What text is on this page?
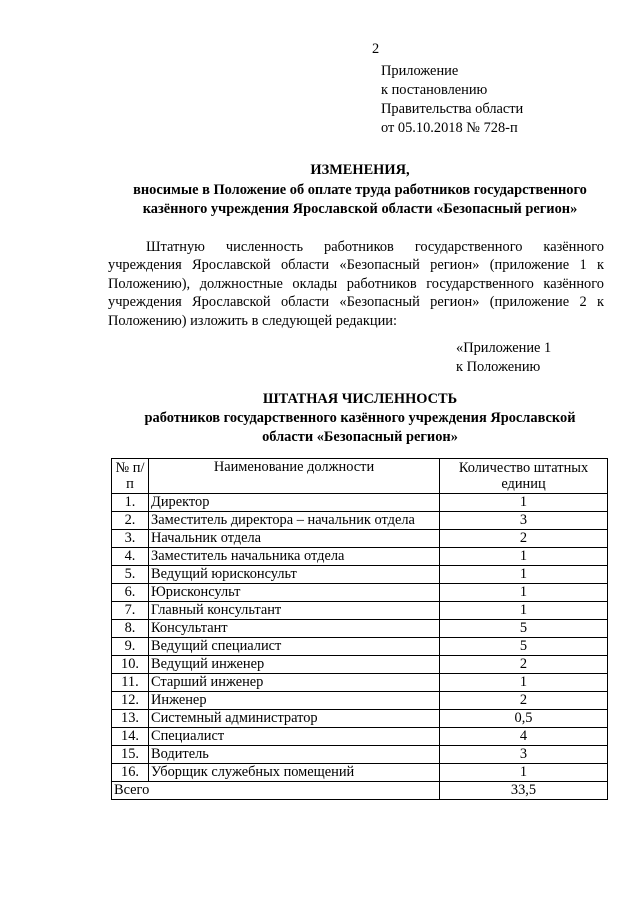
2
Приложение
к постановлению
Правительства области
от 05.10.2018 № 728-п
ИЗМЕНЕНИЯ,
вносимые в Положение об оплате труда работников государственного
казённого учреждения Ярославской области «Безопасный регион»
Штатную численность работников государственного казённого учреждения Ярославской области «Безопасный регион» (приложение 1 к Положению), должностные оклады работников государственного казённого учреждения Ярославской области «Безопасный регион» (приложение 2 к Положению) изложить в следующей редакции:
«Приложение 1
к Положению
ШТАТНАЯ ЧИСЛЕННОСТЬ
работников государственного казённого учреждения Ярославской
области «Безопасный регион»
№ п/п	Наименование должности	Количество штатных единиц
1.	Директор	1
2.	Заместитель директора – начальник отдела	3
3.	Начальник отдела	2
4.	Заместитель начальника отдела	1
5.	Ведущий юрисконсульт	1
6.	Юрисконсульт	1
7.	Главный консультант	1
8.	Консультант	5
9.	Ведущий специалист	5
10.	Ведущий инженер	2
11.	Старший инженер	1
12.	Инженер	2
13.	Системный администратор	0,5
14.	Специалист	4
15.	Водитель	3
16.	Уборщик служебных помещений	1
Всего		33,5
